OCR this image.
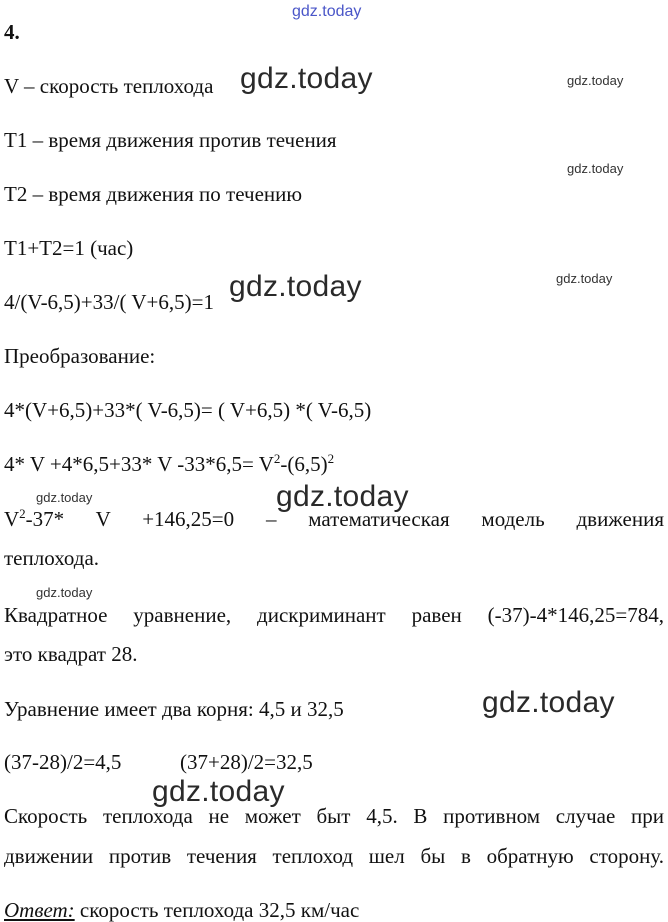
gdz.today
gdz.today	gdz.today
gdz.today
gdz.today
gdz.today
gdz.today	gdz.today
gdz.today
gdz.today
gdz.today
4.
V – скорость теплохода
Т1 – время движения против течения
Т2 – время движения по течению
Т1+Т2=1 (час)
4/(V-6,5)+33/( V+6,5)=1
Преобразование:
4*(V+6,5)+33*( V-6,5)= ( V+6,5) *( V-6,5)
4* V +4*6,5+33* V $-33*6,5= V^2-(6,5)^2$
$V^2-37*$ V +146,25=0 – математическая модель движения
теплохода.
Квадратное уравнение, дискриминант равен (-37)-4*146,25=784,
это квадрат 28.
Уравнение имеет два корня: 4,5 и 32,5
(37-28)/2=4,5	(37+28)/2=32,5
Скорость теплохода не может быт 4,5. В противном случае при
движении против течения теплоход шел бы в обратную сторону.
Ответ: скорость теплохода 32,5 км/час
